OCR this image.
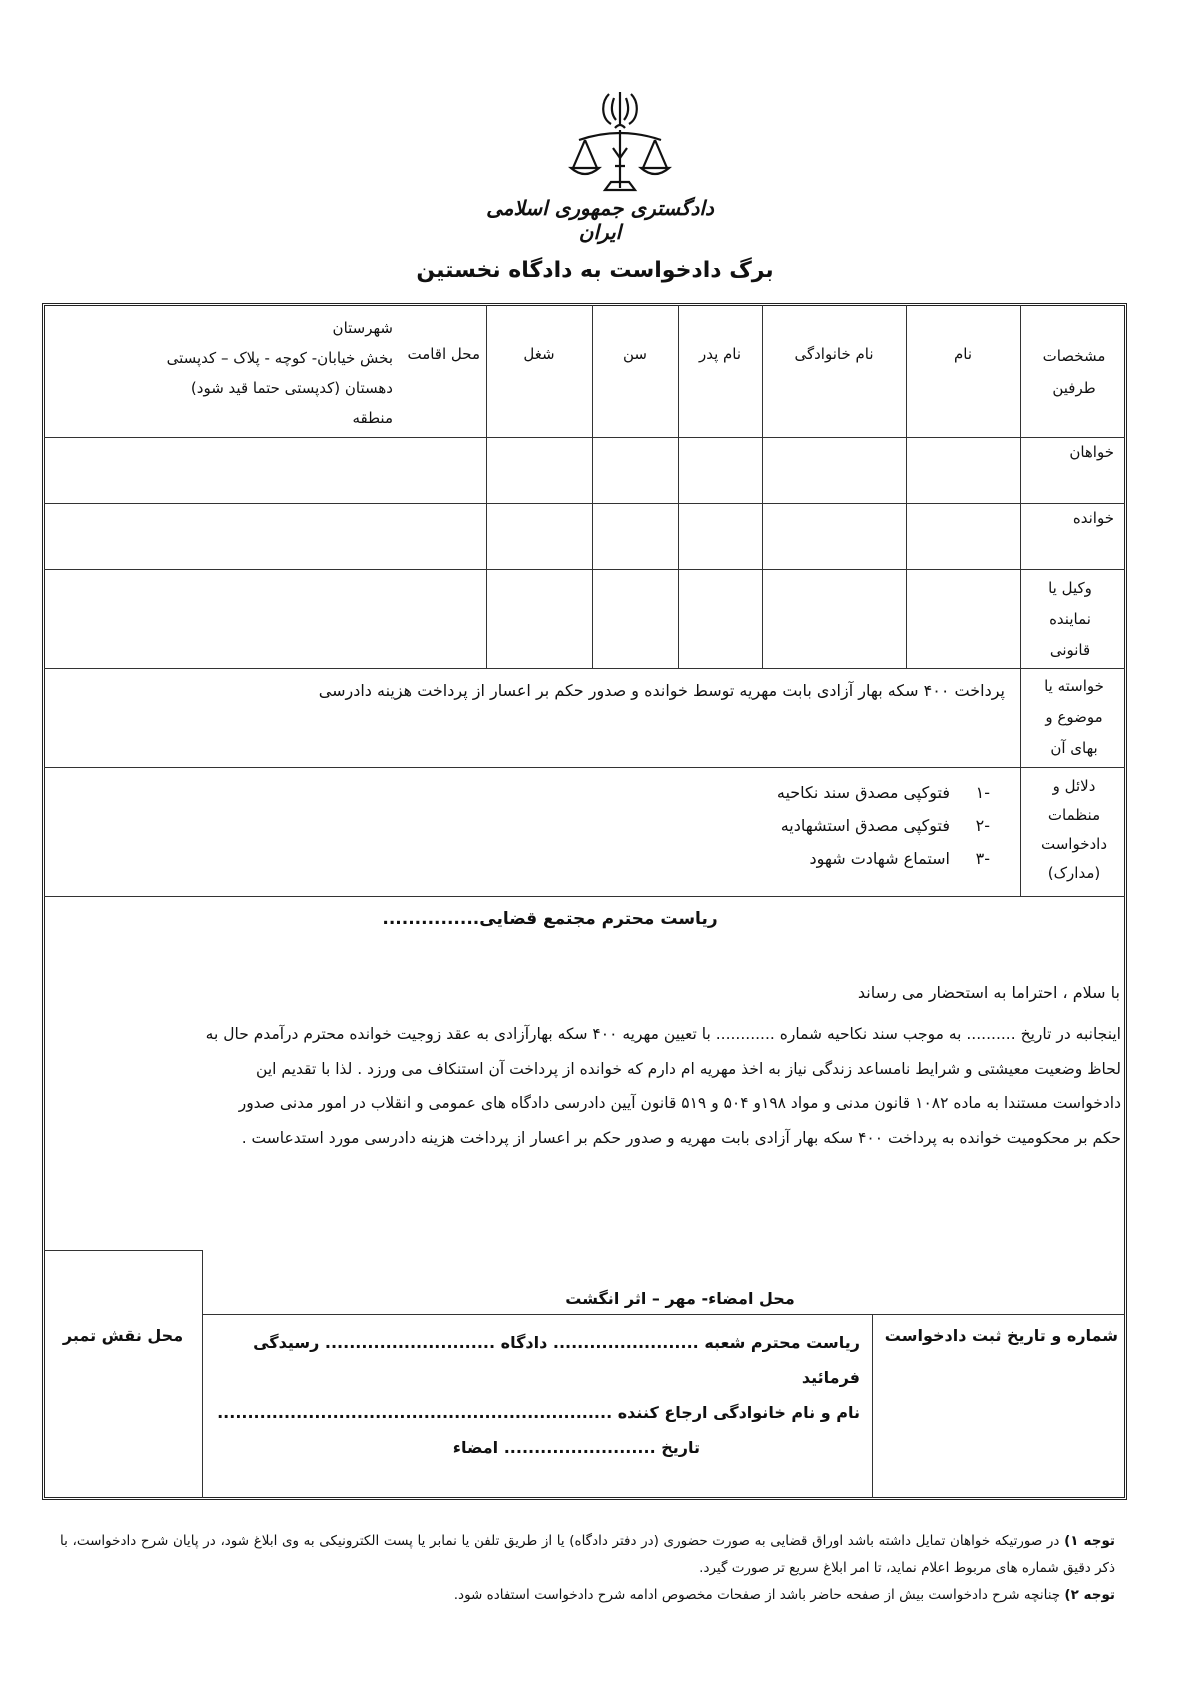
دادگستری جمهوری اسلامی ایران
برگ دادخواست به دادگاه نخستین
مشخصات طرفین
نام
نام خانوادگی
نام پدر
سن
شغل
محل اقامت
شهرستان
بخش خیابان- کوچه - پلاک – کدپستی
دهستان (کدپستی حتما قید شود)
منطقه
خواهان
خوانده
وکیل یا نماینده قانونی
خواسته یا موضوع و بهای آن
پرداخت ۴۰۰ سکه بهار آزادی بابت مهریه توسط خوانده و صدور حکم بر اعسار از پرداخت هزینه دادرسی
دلائل و منظمات دادخواست (مدارک)
-۱فتوکپی مصدق سند نکاحیه
-۲فتوکپی مصدق استشهادیه
-۳استماع شهادت شهود
ریاست محترم مجتمع قضایی...............
با سلام ، احتراما به استحضار می رساند

اینجانبه در تاریخ .......... به موجب سند نکاحیه شماره ............ با تعیین مهریه ۴۰۰ سکه بهارآزادی به عقد زوجیت خوانده محترم درآمدم حال به

لحاظ وضعیت معیشتی و شرایط نامساعد زندگی نیاز به اخذ مهریه ام دارم که خوانده از پرداخت آن استنکاف می ورزد . لذا با تقدیم این

دادخواست مستندا به ماده ۱۰۸۲ قانون مدنی و مواد ۱۹۸و ۵۰۴ و ۵۱۹ قانون آیین دادرسی دادگاه های عمومی و انقلاب در امور مدنی صدور

حکم بر محکومیت خوانده به پرداخت ۴۰۰ سکه بهار آزادی بابت مهریه و صدور حکم بر اعسار از پرداخت هزینه دادرسی مورد استدعاست .

محل امضاء- مهر – اثر انگشت
شماره و تاریخ ثبت دادخواست
ریاست محترم شعبه ........................ دادگاه ............................ رسیدگی فرمائید
نام و نام خانوادگی ارجاع کننده .................................................................
تاریخ ......................... امضاء
محل نقش تمبر
توجه ۱) در صورتیکه خواهان تمایل داشته باشد اوراق قضایی به صورت حضوری (در دفتر دادگاه) یا از طریق تلفن یا نمابر یا پست الکترونیکی به وی ابلاغ شود، در پایان شرح دادخواست، با ذکر دقیق شماره های مربوط اعلام نماید، تا امر ابلاغ سریع تر صورت گیرد.
توجه ۲) چنانچه شرح دادخواست بیش از صفحه حاضر باشد از صفحات مخصوص ادامه شرح دادخواست استفاده شود.
